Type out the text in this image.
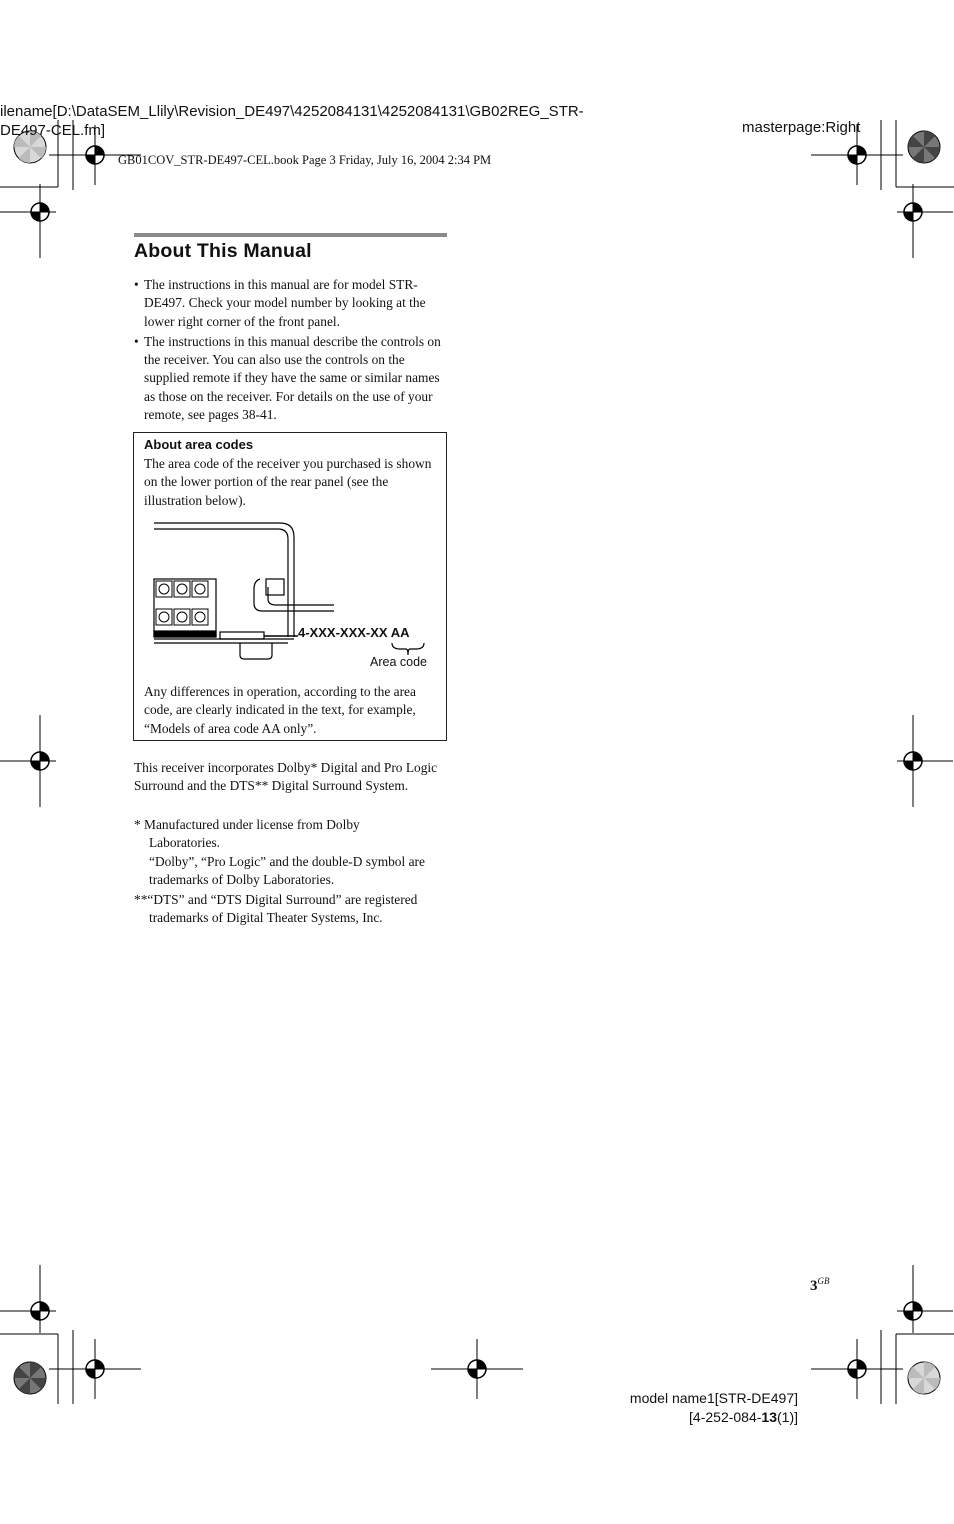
ilename[D:\DataSEM_Llily\Revision_DE497\4252084131\4252084131\GB02REG_STR-
DE497-CEL.fm]	masterpage:Right
GB01COV_STR-DE497-CEL.book Page 3 Friday, July 16, 2004 2:34 PM
About This Manual
• The instructions in this manual are for model STR-DE497. Check your model number by looking at the lower right corner of the front panel.
• The instructions in this manual describe the controls on the receiver. You can also use the controls on the supplied remote if they have the same or similar names as those on the receiver. For details on the use of your remote, see pages 38-41.
About area codes
The area code of the receiver you purchased is shown on the lower portion of the rear panel (see the illustration below).
4-XXX-XXX-XX AA
Area code
Any differences in operation, according to the area code, are clearly indicated in the text, for example, “Models of area code AA only”.
This receiver incorporates Dolby* Digital and Pro Logic Surround and the DTS** Digital Surround System.
* Manufactured under license from Dolby
Laboratories.
“Dolby”, “Pro Logic” and the double-D symbol are trademarks of Dolby Laboratories.
**“DTS” and “DTS Digital Surround” are registered
trademarks of Digital Theater Systems, Inc.
$3^{GB}$
model name1[STR-DE497]
[4-252-084-13(1)]
